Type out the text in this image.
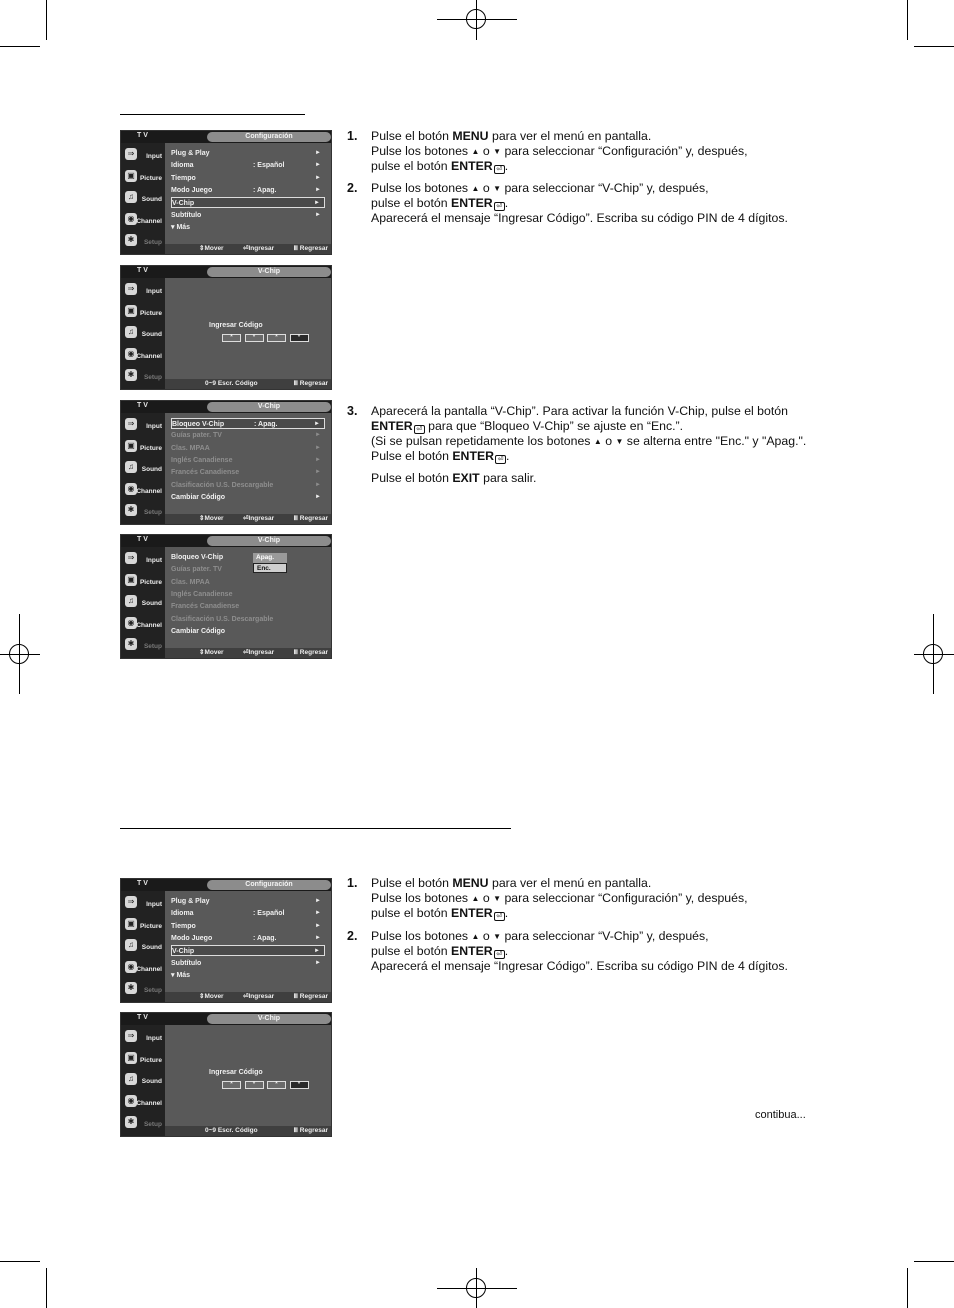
T V	Configuración
⇒	Input
▣ Picture
♫	Sound
◉ Channel
✱	Setup
Plug & Play	►
Idioma	: Español	►
Tiempo	►
Modo Juego	: Apag.	►
V-Chip	►
Subtítulo	►
▾ Más
⇕Mover	⏎Ingresar	Ⅲ Regresar
T V	V-Chip
⇒	Input
▣ Picture
♫	Sound
◉ Channel
✱	Setup
Ingresar Código
*	*	*	*
0~9 Escr. Código	Ⅲ Regresar
T V	V-Chip
⇒	Input
▣ Picture
♫	Sound
◉ Channel
✱	Setup
Bloqueo V-Chip	: Apag.	►
Guías pater. TV	►
Clas. MPAA	►
Inglés Canadiense	►
Francés Canadiense	►
Clasificación U.S. Descargable	►
Cambiar Código	►
⇕Mover	⏎Ingresar	Ⅲ Regresar
T V	V-Chip
⇒	Input
▣ Picture
♫	Sound
◉ Channel
✱	Setup
Bloqueo V-Chip
Guías pater. TV
Clas. MPAA
Inglés Canadiense
Francés Canadiense
Clasificación U.S. Descargable
Cambiar Código
Apag.
Enc.
⇕Mover	⏎Ingresar	Ⅲ Regresar
T V	Configuración
⇒	Input
▣ Picture
♫	Sound
◉ Channel
✱	Setup
Plug & Play	►
Idioma	: Español	►
Tiempo	►
Modo Juego	: Apag.	►
V-Chip	►
Subtítulo	►
▾ Más
⇕Mover	⏎Ingresar	Ⅲ Regresar
T V	V-Chip
⇒	Input
▣ Picture
♫	Sound
◉ Channel
✱	Setup
Ingresar Código
*	*	*	*
0~9 Escr. Código	Ⅲ Regresar
1. Pulse el botón MENU para ver el menú en pantalla.
Pulse los botones ▲ o ▼ para seleccionar “Configuración” y, después,
pulse el botón ENTER ⏎ .
2. Pulse los botones ▲ o ▼ para seleccionar “V-Chip” y, después,
pulse el botón ENTER ⏎ .
Aparecerá el mensaje “Ingresar Código”. Escriba su código PIN de 4 dígitos.
3. Aparecerá la pantalla “V-Chip”. Para activar la función V-Chip, pulse el botón
ENTER ⏎ para que “Bloqueo V-Chip” se ajuste en “Enc.”.
(Si se pulsan repetidamente los botones ▲ o ▼ se alterna entre "Enc." y "Apag.".
Pulse el botón ENTER ⏎ .
Pulse el botón EXIT para salir.
1. Pulse el botón MENU para ver el menú en pantalla.
Pulse los botones ▲ o ▼ para seleccionar “Configuración” y, después,
pulse el botón ENTER ⏎ .
2. Pulse los botones ▲ o ▼ para seleccionar “V-Chip” y, después,
pulse el botón ENTER ⏎ .
Aparecerá el mensaje “Ingresar Código”. Escriba su código PIN de 4 dígitos.
contibua...
